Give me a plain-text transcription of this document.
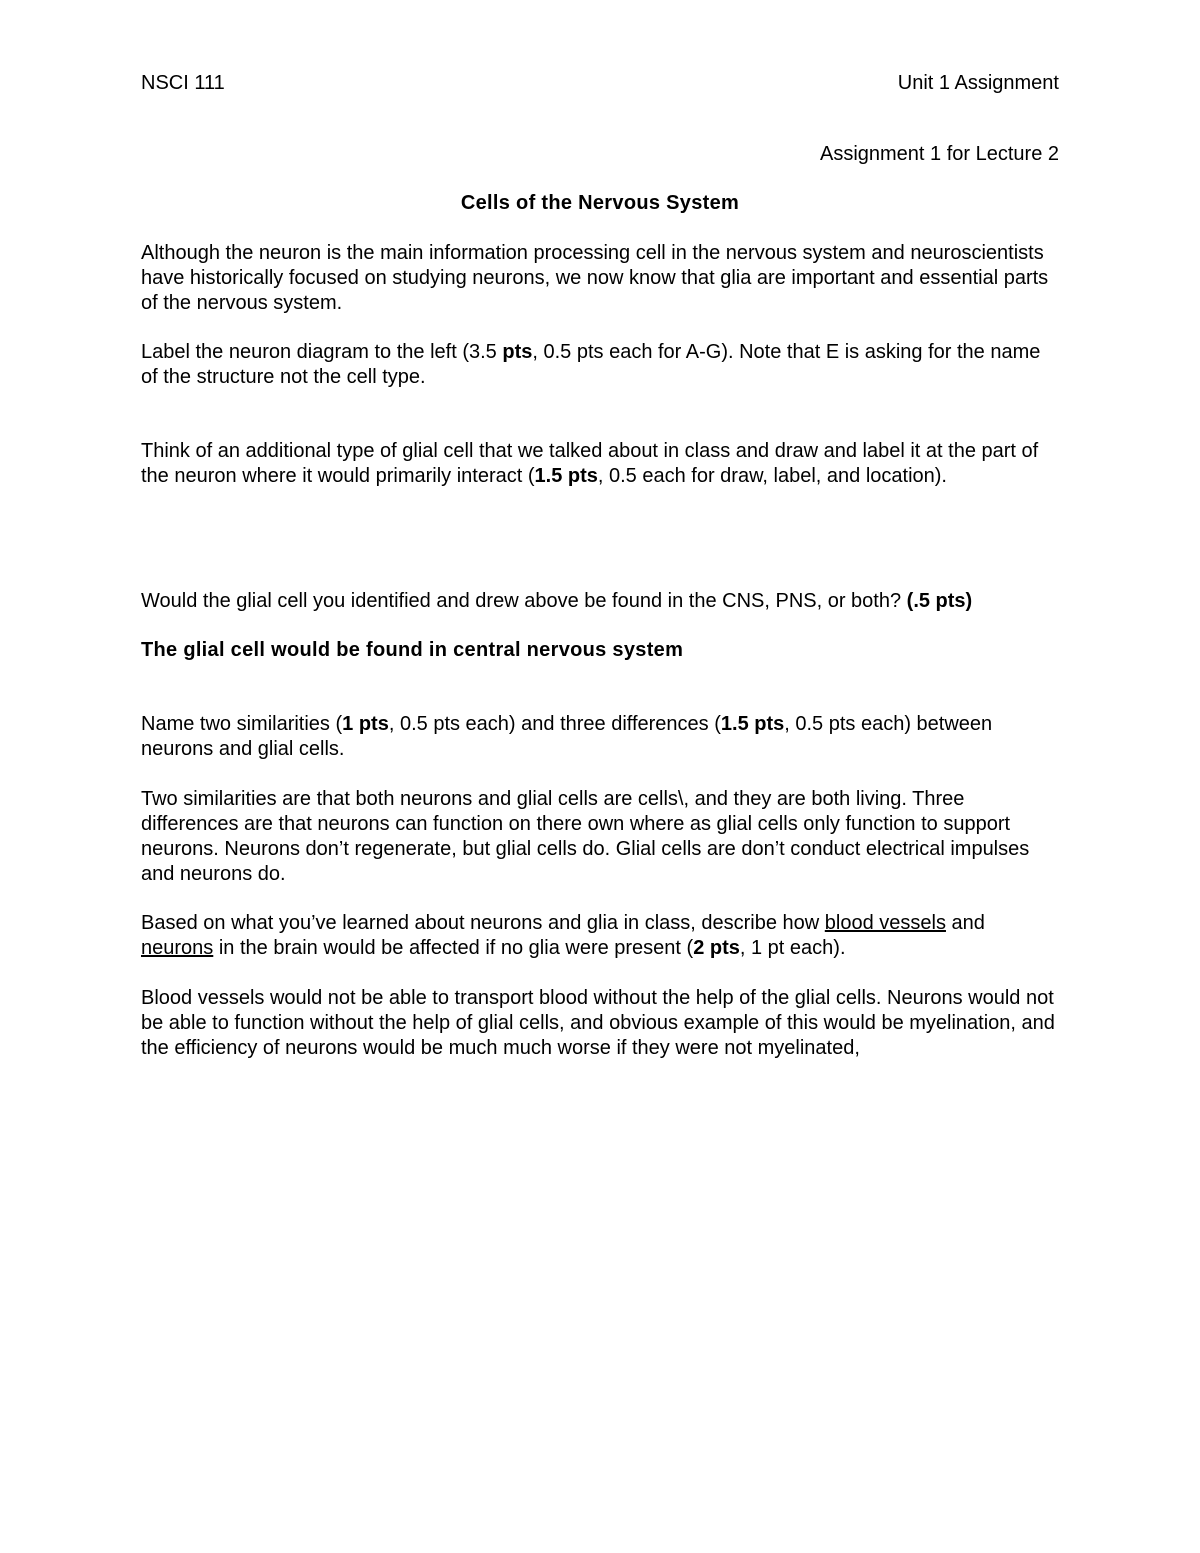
NSCI 111	Unit 1 Assignment
Assignment 1 for Lecture 2
Cells of the Nervous System

Although the neuron is the main information processing cell in the nervous system and neuroscientists have historically focused on studying neurons, we now know that glia are important and essential parts of the nervous system.

Label the neuron diagram to the left (3.5 pts, 0.5 pts each for A-G). Note that E is asking for the name of the structure not the cell type.

Think of an additional type of glial cell that we talked about in class and draw and label it at the part of the neuron where it would primarily interact (1.5 pts, 0.5 each for draw, label, and location).

Would the glial cell you identified and drew above be found in the CNS, PNS, or both? (.5 pts)

The glial cell would be found in central nervous system

Name two similarities (1 pts, 0.5 pts each) and three differences (1.5 pts, 0.5 pts each) between neurons and glial cells.

Two similarities are that both neurons and glial cells are cells\, and they are both living. Three differences are that neurons can function on there own where as glial cells only function to support neurons. Neurons don’t regenerate, but glial cells do. Glial cells are don’t conduct electrical impulses and neurons do.

Based on what you’ve learned about neurons and glia in class, describe how blood vessels and neurons in the brain would be affected if no glia were present (2 pts, 1 pt each).

Blood vessels would not be able to transport blood without the help of the glial cells. Neurons would not be able to function without the help of glial cells, and obvious example of this would be myelination, and the efficiency of neurons would be much much worse if they were not myelinated,
